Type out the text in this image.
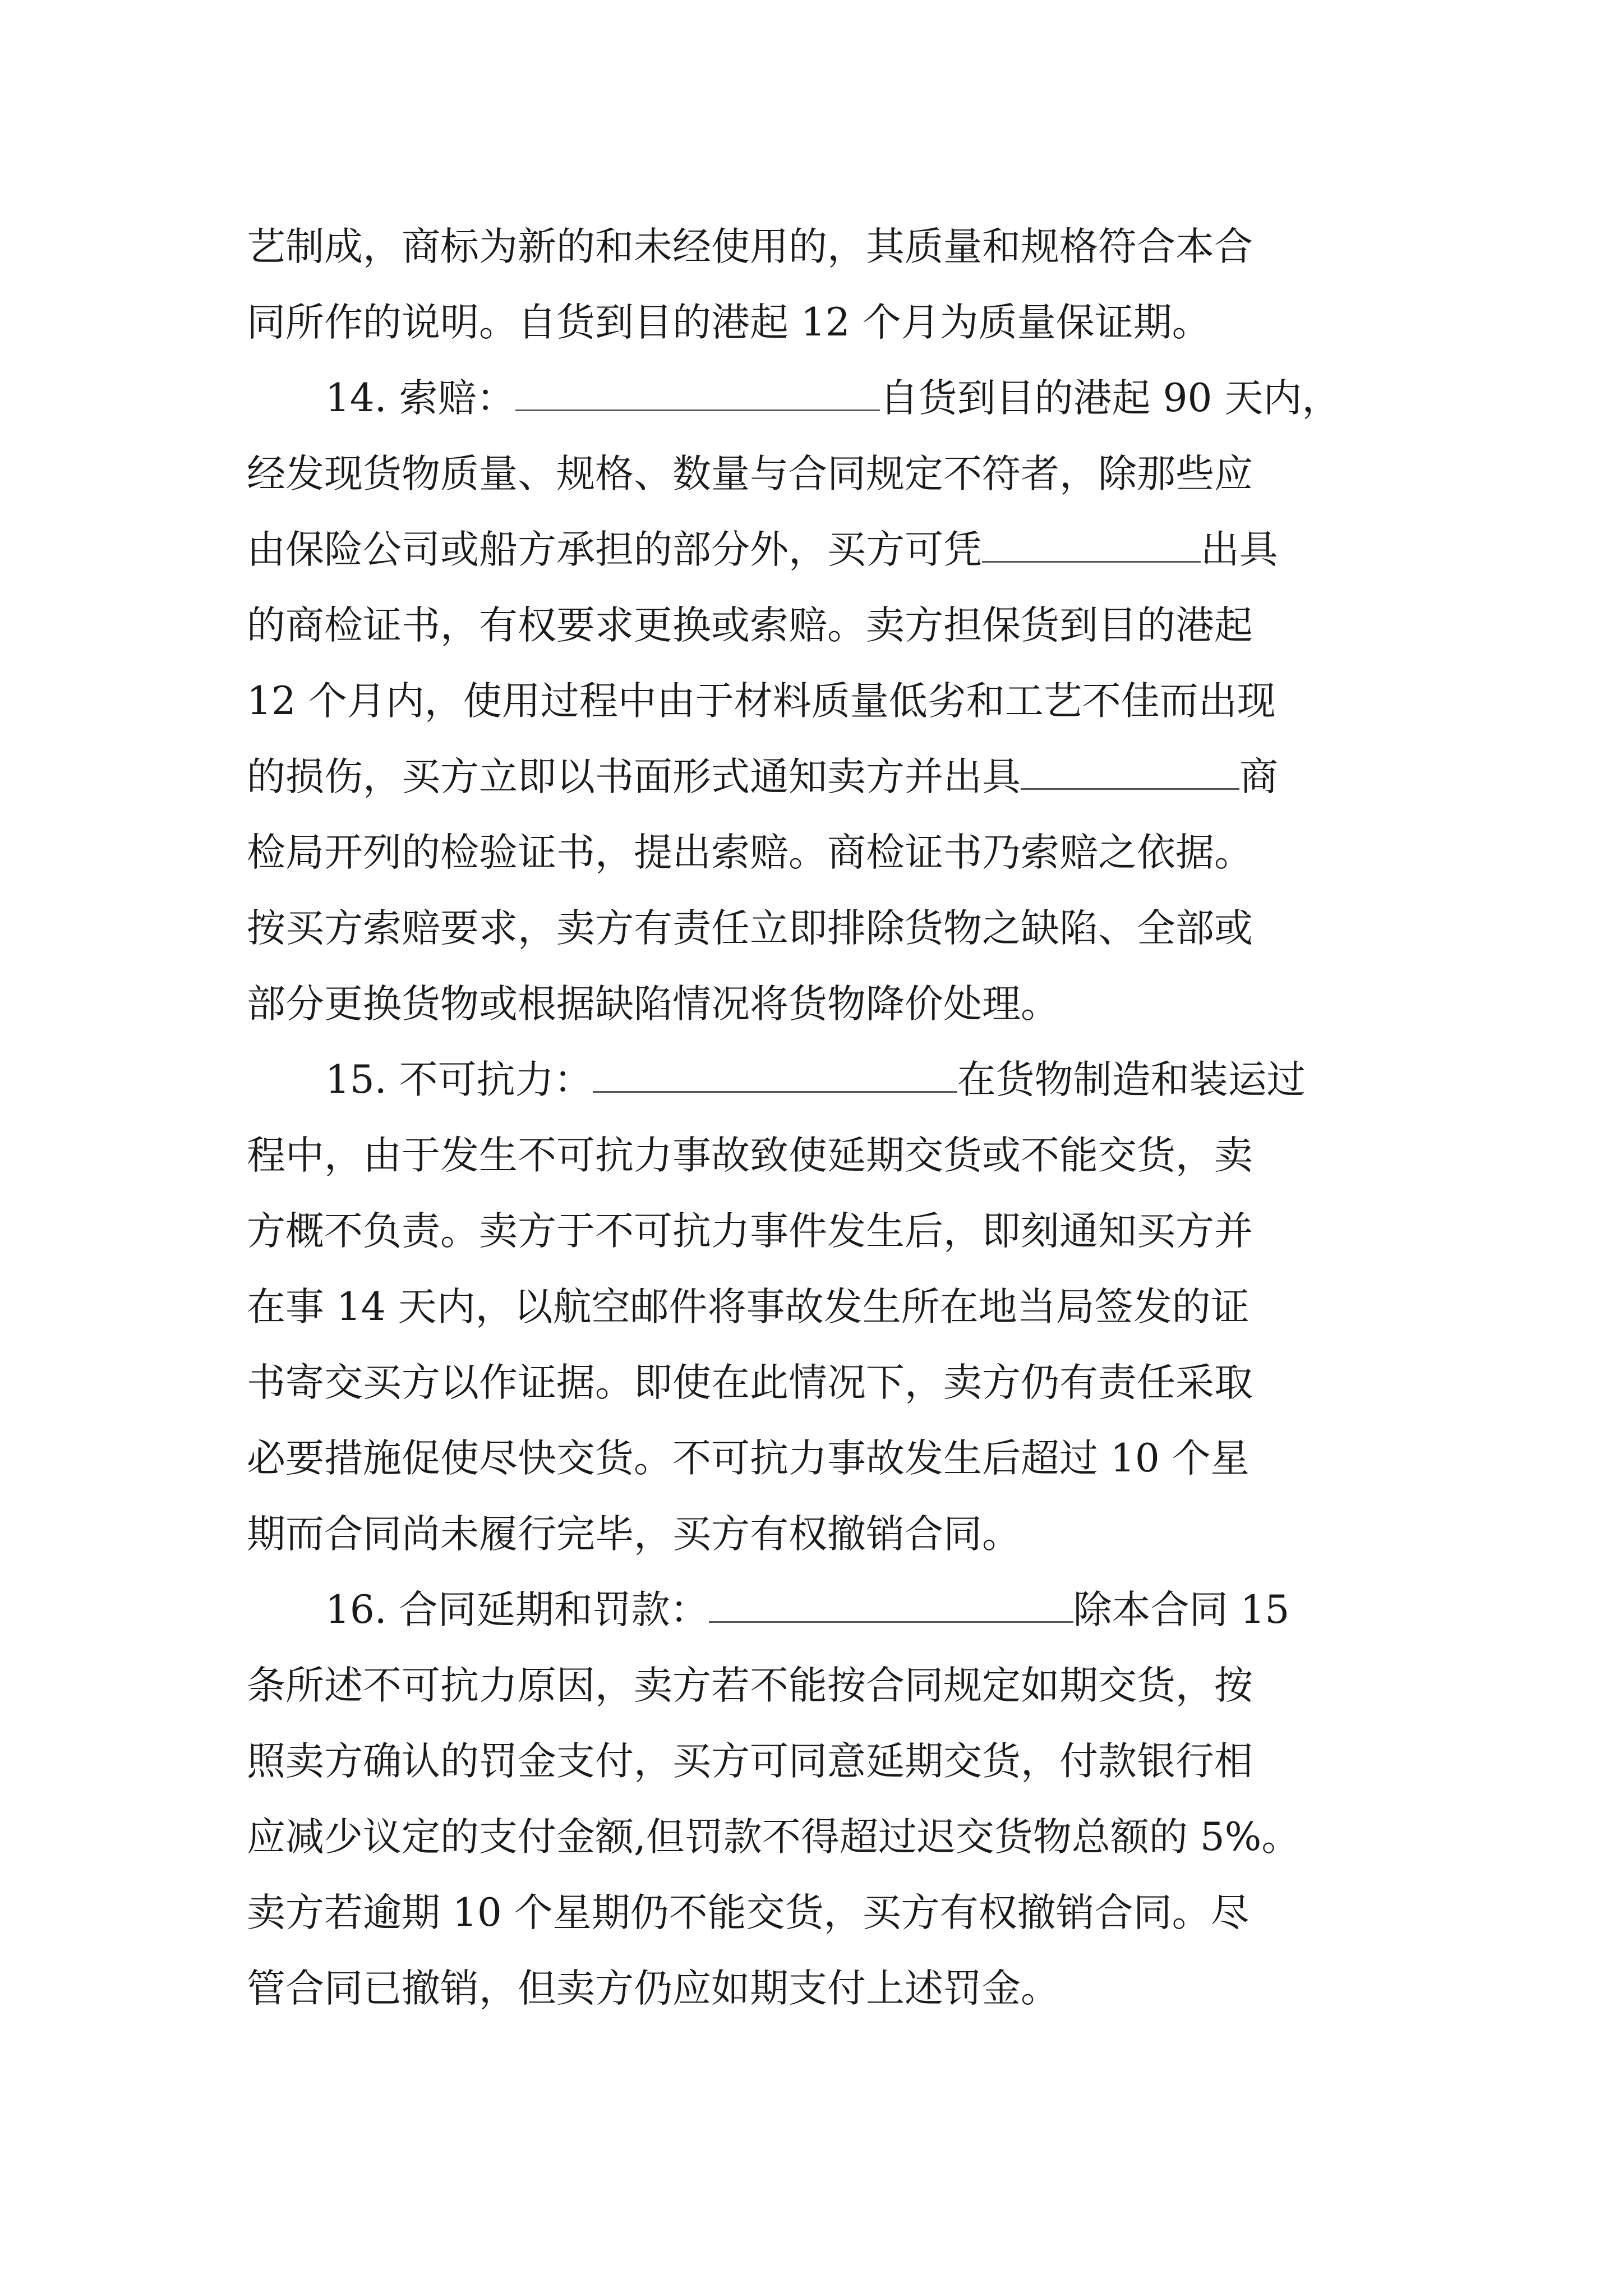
艺制成，商标为新的和未经使用的，其质量和规格符合本合
同所作的说明。自货到目的港起 12 个月为质量保证期。
14. 索赔：	自货到目的港起 90 天内，
经发现货物质量、规格、数量与合同规定不符者，除那些应
由保险公司或船方承担的部分外，买方可凭	出具
的商检证书，有权要求更换或索赔。卖方担保货到目的港起
12 个月内，使用过程中由于材料质量低劣和工艺不佳而出现
的损伤，买方立即以书面形式通知卖方并出具	商
检局开列的检验证书，提出索赔。商检证书乃索赔之依据。
按买方索赔要求，卖方有责任立即排除货物之缺陷、全部或
部分更换货物或根据缺陷情况将货物降价处理。
15. 不可抗力：	在货物制造和装运过
程中，由于发生不可抗力事故致使延期交货或不能交货，卖
方概不负责。卖方于不可抗力事件发生后，即刻通知买方并
在事 14 天内，以航空邮件将事故发生所在地当局签发的证
书寄交买方以作证据。即使在此情况下，卖方仍有责任采取
必要措施促使尽快交货。不可抗力事故发生后超过 10 个星
期而合同尚未履行完毕，买方有权撤销合同。
16. 合同延期和罚款：	除本合同 15
条所述不可抗力原因，卖方若不能按合同规定如期交货，按
照卖方确认的罚金支付，买方可同意延期交货，付款银行相
应减少议定的支付金额,但罚款不得超过迟交货物总额的 5%。
卖方若逾期 10 个星期仍不能交货，买方有权撤销合同。尽
管合同已撤销，但卖方仍应如期支付上述罚金。
